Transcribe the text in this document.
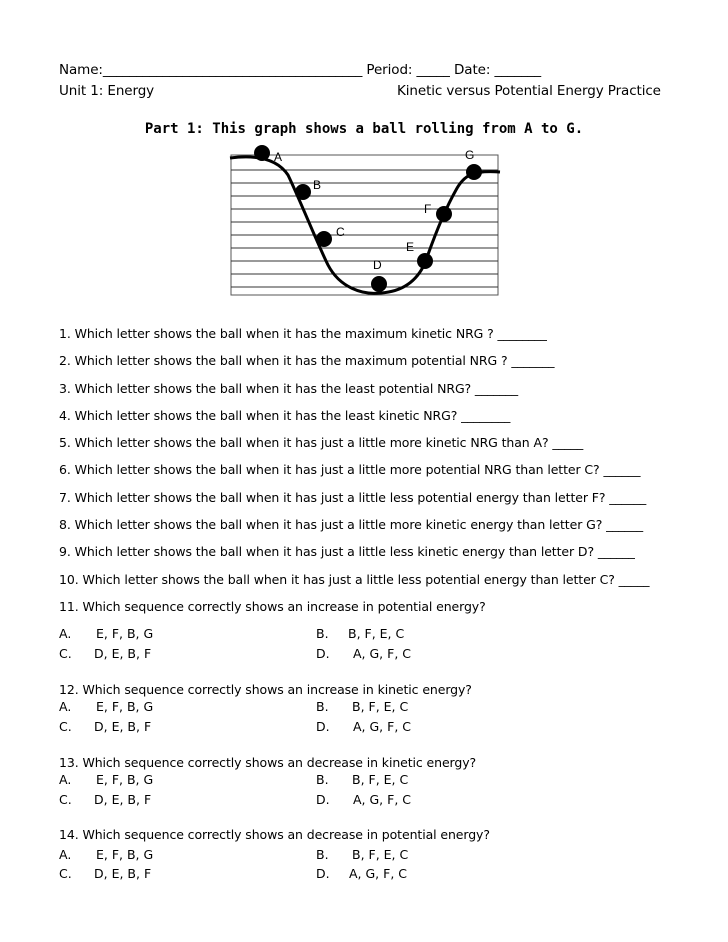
Name:_______________________________________ Period: _____ Date: _______
Unit 1: Energy	Kinetic versus Potential Energy Practice
Part 1: This graph shows a ball rolling from A to G.
A
B
C
D
E
F
G
1. Which letter shows the ball when it has the maximum kinetic NRG ? ________
2. Which letter shows the ball when it has the maximum potential NRG ? _______
3. Which letter shows the ball when it has the least potential NRG? _______
4. Which letter shows the ball when it has the least kinetic NRG? ________
5. Which letter shows the ball when it has just a little more kinetic NRG than A? _____
6. Which letter shows the ball when it has just a little more potential NRG than letter C? ______
7. Which letter shows the ball when it has just a little less potential energy than letter F? ______
8. Which letter shows the ball when it has just a little more kinetic energy than letter G? ______
9. Which letter shows the ball when it has just a little less kinetic energy than letter D? ______
10. Which letter shows the ball when it has just a little less potential energy than letter C? _____
11. Which sequence correctly shows an increase in potential energy?
A. E, F, B, G	B. B, F, E, C
C. D, E, B, F	D. A, G, F, C
12. Which sequence correctly shows an increase in kinetic energy?
A. E, F, B, G	B. B, F, E, C
C. D, E, B, F	D. A, G, F, C
13. Which sequence correctly shows an decrease in kinetic energy?
A. E, F, B, G	B. B, F, E, C
C. D, E, B, F	D. A, G, F, C
14. Which sequence correctly shows an decrease in potential energy?
A. E, F, B, G	B. B, F, E, C
C. D, E, B, F	D. A, G, F, C
